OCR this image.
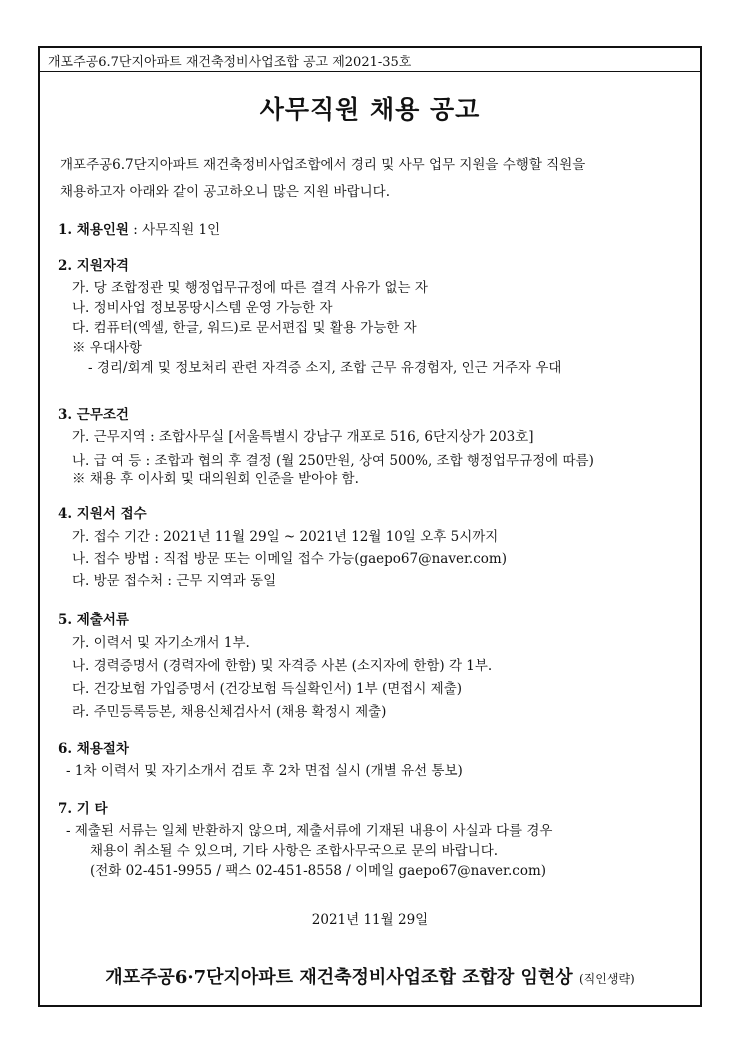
개포주공6.7단지아파트 재건축정비사업조합 공고 제2021-35호
사무직원 채용 공고
개포주공6.7단지아파트 재건축정비사업조합에서 경리 및 사무 업무 지원을 수행할 직원을
채용하고자 아래와 같이 공고하오니 많은 지원 바랍니다.
1. 채용인원 : 사무직원 1인
2. 지원자격
가. 당 조합정관 및 행정업무규정에 따른 결격 사유가 없는 자
나. 정비사업 정보몽땅시스템 운영 가능한 자
다. 컴퓨터(엑셀, 한글, 워드)로 문서편집 및 활용 가능한 자
※ 우대사항
- 경리/회계 및 정보처리 관련 자격증 소지, 조합 근무 유경험자, 인근 거주자 우대
3. 근무조건
가. 근무지역 : 조합사무실 [서울특별시 강남구 개포로 516, 6단지상가 203호]
나. 급 여 등 : 조합과 협의 후 결정 (월 250만원, 상여 500%, 조합 행정업무규정에 따름)
※ 채용 후 이사회 및 대의원회 인준을 받아야 함.
4. 지원서 접수
가. 접수 기간 : 2021년 11월 29일 ~ 2021년 12월 10일 오후 5시까지
나. 접수 방법 : 직접 방문 또는 이메일 접수 가능(gaepo67@naver.com)
다. 방문 접수처 : 근무 지역과 동일
5. 제출서류
가. 이력서 및 자기소개서 1부.
나. 경력증명서 (경력자에 한함) 및 자격증 사본 (소지자에 한함) 각 1부.
다. 건강보험 가입증명서 (건강보험 득실확인서) 1부 (면접시 제출)
라. 주민등록등본, 채용신체검사서 (채용 확정시 제출)
6. 채용절차
- 1차 이력서 및 자기소개서 검토 후 2차 면접 실시 (개별 유선 통보)
7. 기 타
- 제출된 서류는 일체 반환하지 않으며, 제출서류에 기재된 내용이 사실과 다를 경우
채용이 취소될 수 있으며, 기타 사항은 조합사무국으로 문의 바랍니다.
(전화 02-451-9955 / 팩스 02-451-8558 / 이메일 gaepo67@naver.com)
2021년 11월 29일
개포주공6·7단지아파트 재건축정비사업조합 조합장 임현상 (직인생략)
